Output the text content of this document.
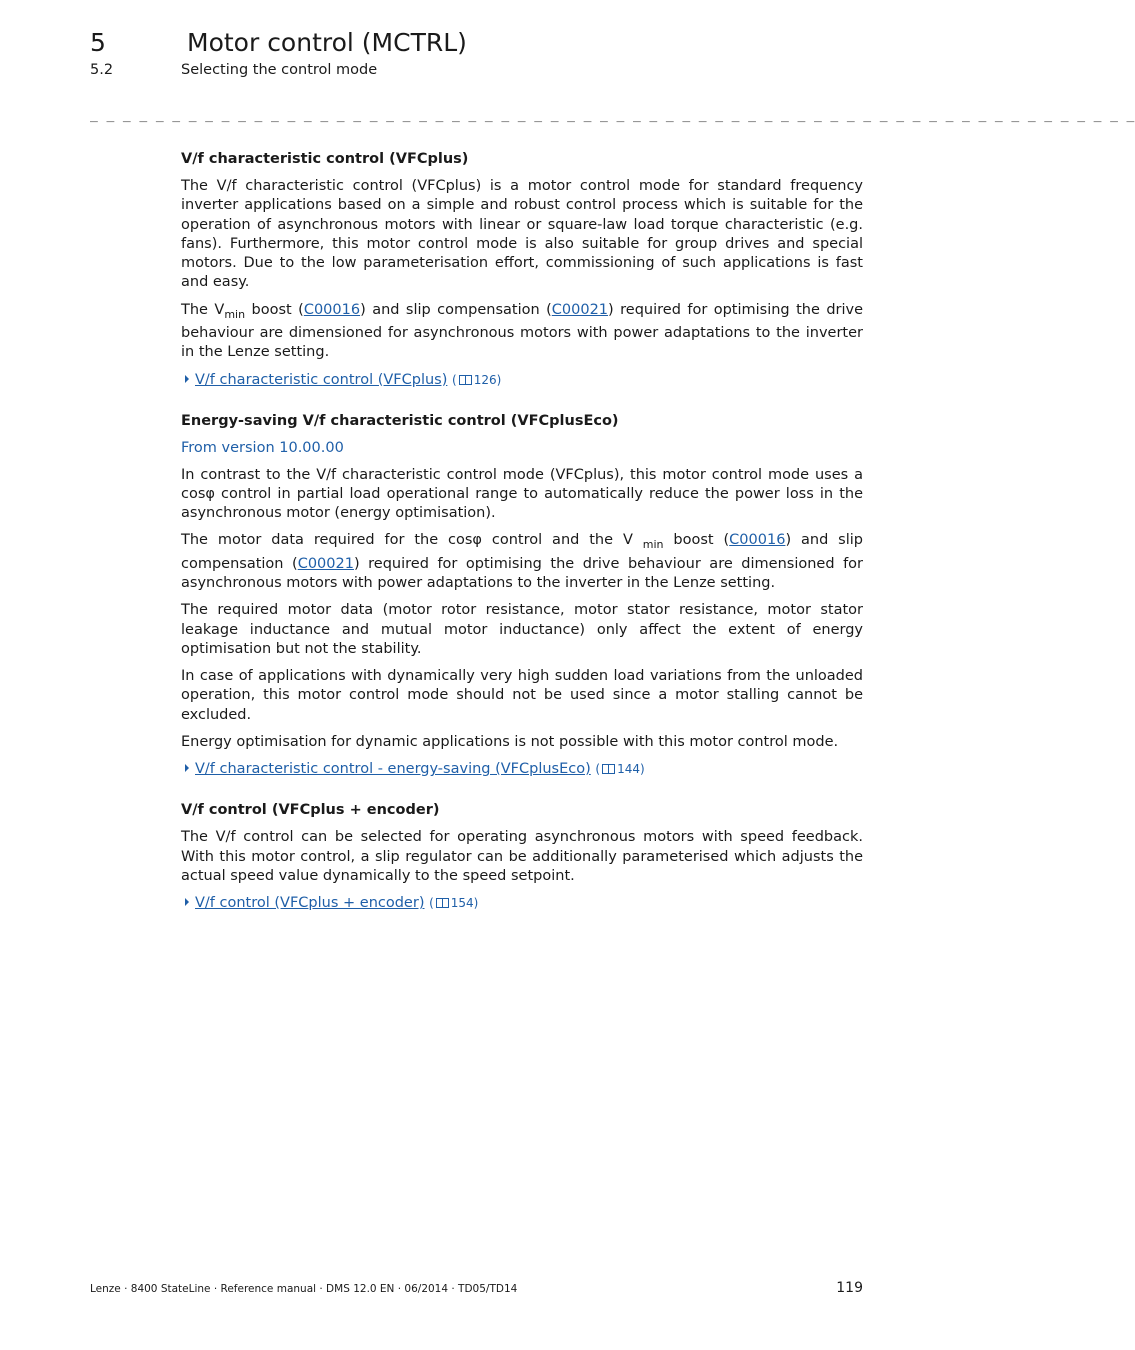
5	Motor control (MCTRL)
5.2	Selecting the control mode
_ _ _ _ _ _ _ _ _ _ _ _ _ _ _ _ _ _ _ _ _ _ _ _ _ _ _ _ _ _ _ _ _ _ _ _ _ _ _ _ _ _ _ _ _ _ _ _ _ _ _ _ _ _ _ _ _ _ _ _ _ _ _ _
V/f characteristic control (VFCplus)

The V/f characteristic control (VFCplus) is a motor control mode for standard frequency inverter applications based on a simple and robust control process which is suitable for the operation of asynchronous motors with linear or square-law load torque characteristic (e.g. fans). Furthermore, this motor control mode is also suitable for group drives and special motors. Due to the low parameterisation effort, commissioning of such applications is fast and easy.

The $V_{min}$ boost (C00016) and slip compensation (C00021) required for optimising the drive behaviour are dimensioned for asynchronous motors with power adaptations to the inverter in the Lenze setting.

V/f characteristic control (VFCplus) ( 126)
Energy-saving V/f characteristic control (VFCplusEco)
From version 10.00.00

In contrast to the V/f characteristic control mode (VFCplus), this motor control mode uses a cosφ control in partial load operational range to automatically reduce the power loss in the asynchronous motor (energy optimisation).

The motor data required for the cosφ control and the V $_{min}$ boost (C00016) and slip compensation (C00021) required for optimising the drive behaviour are dimensioned for asynchronous motors with power adaptations to the inverter in the Lenze setting.

The required motor data (motor rotor resistance, motor stator resistance, motor stator leakage inductance and mutual motor inductance) only affect the extent of energy optimisation but not the stability.

In case of applications with dynamically very high sudden load variations from the unloaded operation, this motor control mode should not be used since a motor stalling cannot be excluded.

Energy optimisation for dynamic applications is not possible with this motor control mode.

V/f characteristic control - energy-saving (VFCplusEco) ( 144)
V/f control (VFCplus + encoder)

The V/f control can be selected for operating asynchronous motors with speed feedback. With this motor control, a slip regulator can be additionally parameterised which adjusts the actual speed value dynamically to the speed setpoint.

V/f control (VFCplus + encoder) ( 154)
Lenze · 8400 StateLine · Reference manual · DMS 12.0 EN · 06/2014 · TD05/TD14	119
